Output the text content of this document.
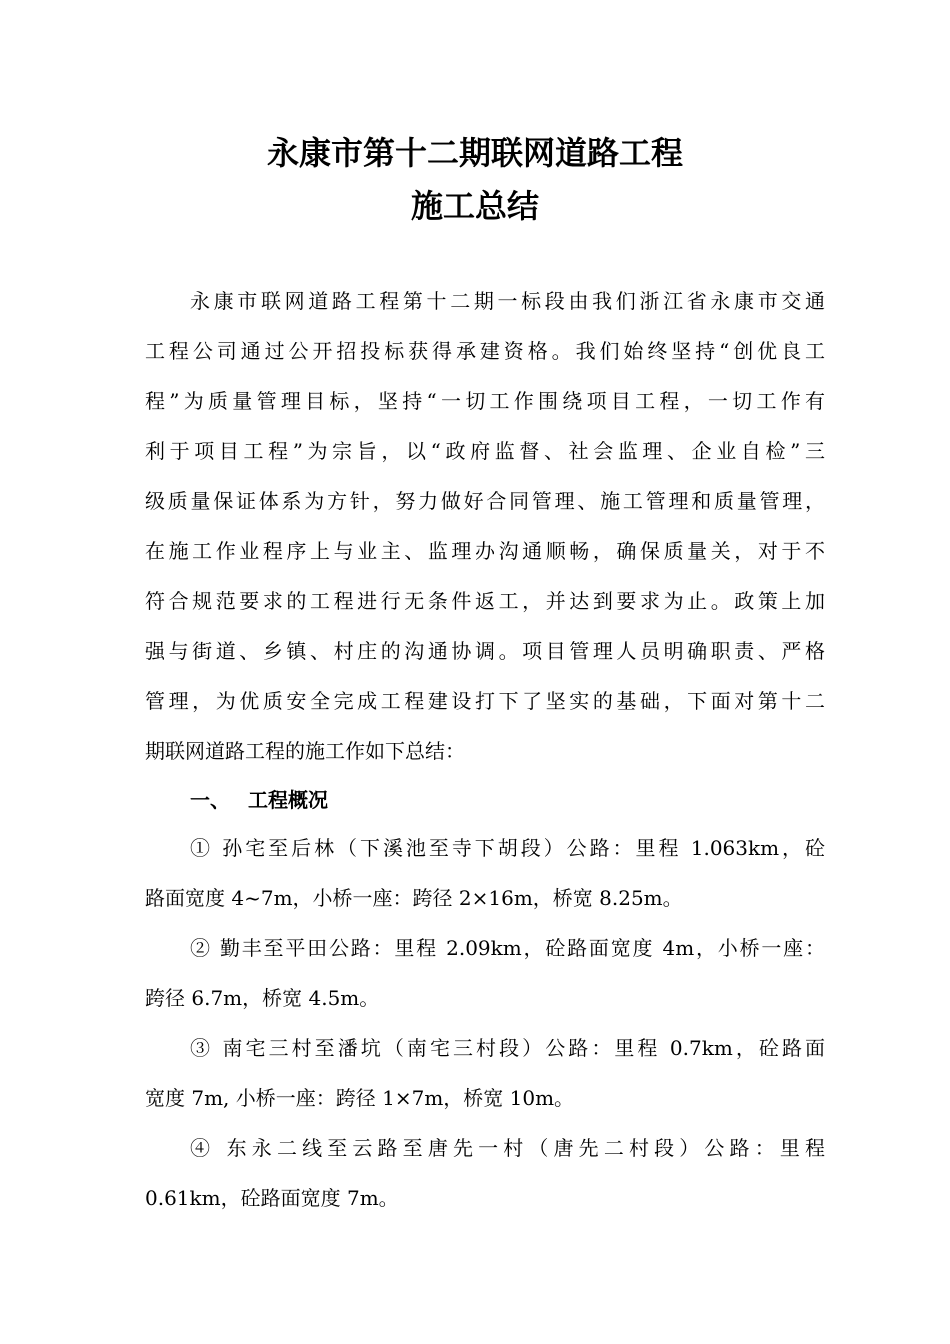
永康市第十二期联网道路工程
施工总结
永康市联网道路工程第十二期一标段由我们浙江省永康市交通
工程公司通过公开招投标获得承建资格。我们始终坚持“创优良工
程”为质量管理目标，坚持“一切工作围绕项目工程，一切工作有
利于项目工程”为宗旨，以“政府监督、社会监理、企业自检”三
级质量保证体系为方针，努力做好合同管理、施工管理和质量管理，
在施工作业程序上与业主、监理办沟通顺畅，确保质量关，对于不
符合规范要求的工程进行无条件返工，并达到要求为止。政策上加
强与街道、乡镇、村庄的沟通协调。项目管理人员明确职责、严格
管理，为优质安全完成工程建设打下了坚实的基础，下面对第十二
期联网道路工程的施工作如下总结：
一、 工程概况
① 孙宅至后林（下溪池至寺下胡段）公路：里程 1.063km，砼
路面宽度 4~7m，小桥一座：跨径 2×16m，桥宽 8.25m。
② 勤丰至平田公路：里程 2.09km，砼路面宽度 4m，小桥一座：
跨径 6.7m，桥宽 4.5m。
③ 南宅三村至潘坑（南宅三村段）公路：里程 0.7km，砼路面
宽度 7m, 小桥一座：跨径 1×7m，桥宽 10m。
④ 东永二线至云路至唐先一村（唐先二村段）公路：里程
0.61km，砼路面宽度 7m。
